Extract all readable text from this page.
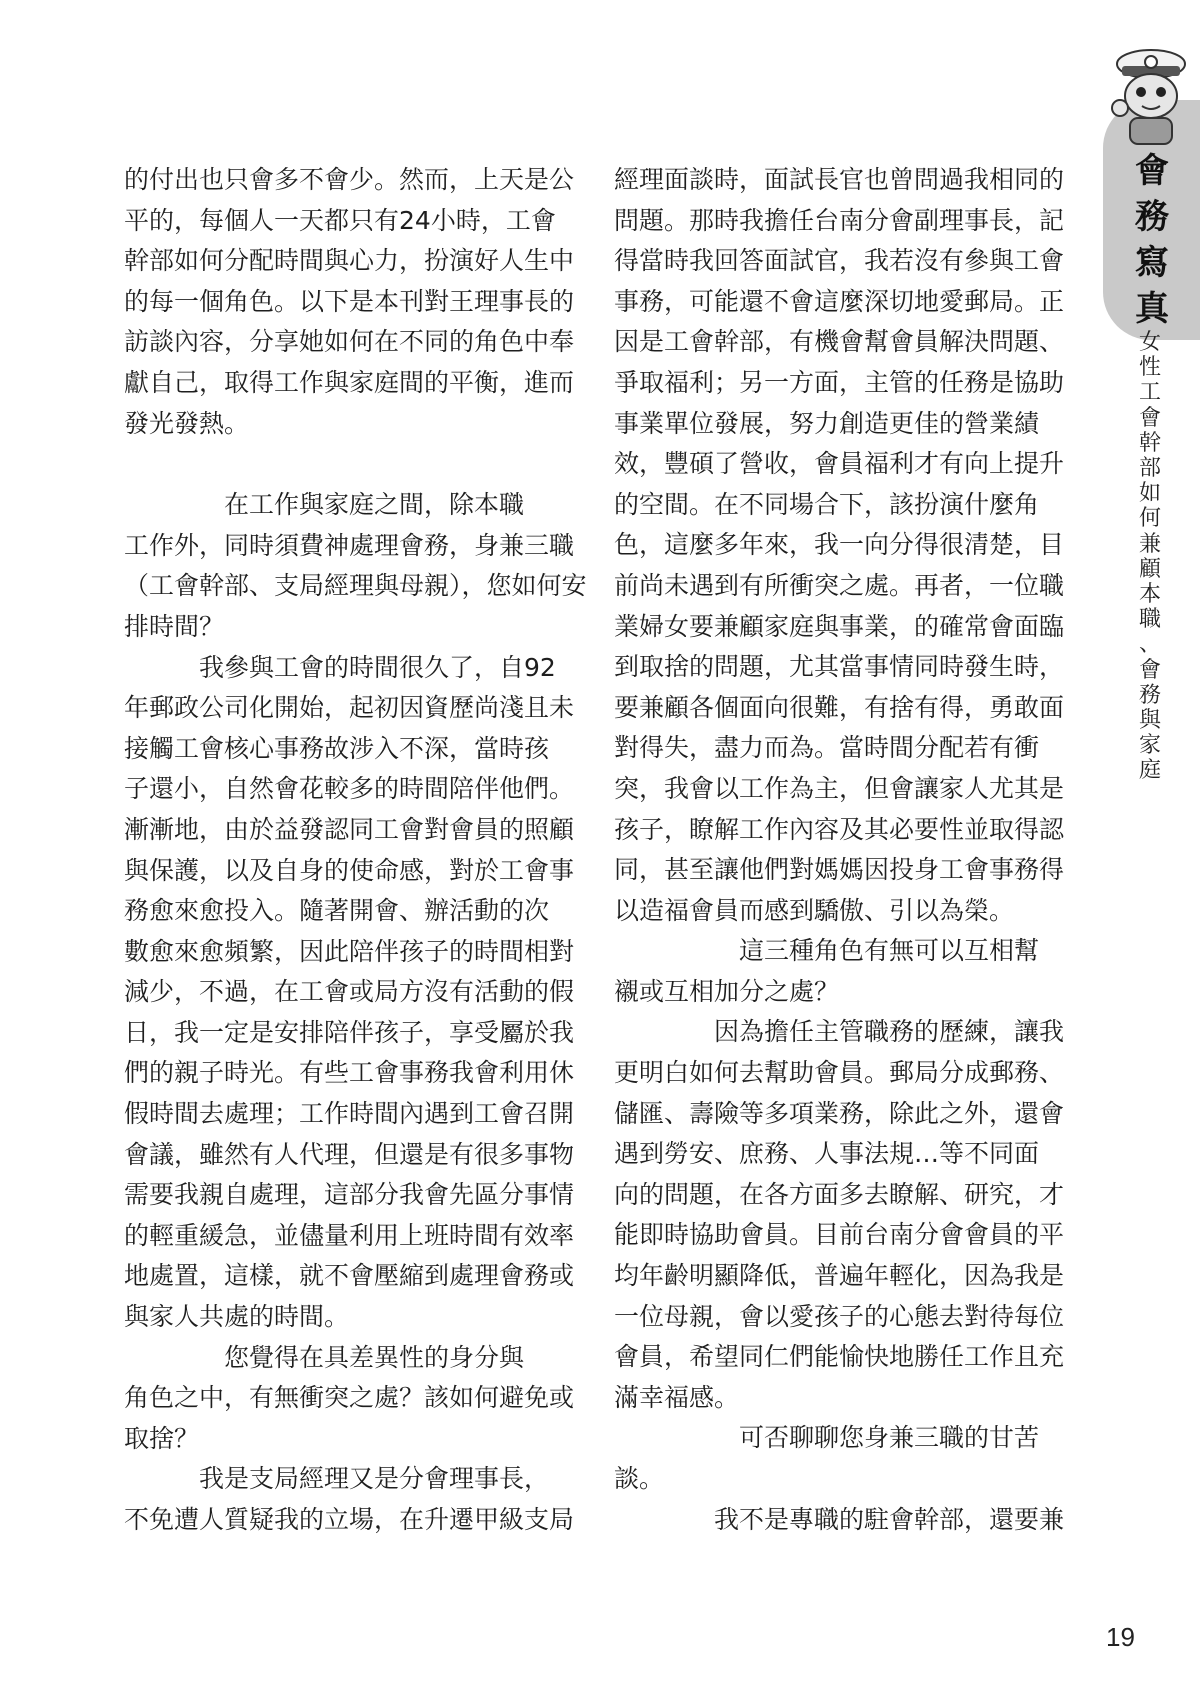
會
務
寫
真
女
性
工
會
幹
部
如
何
兼
顧
本
職
、
會
務
與
家
庭

的付出也只會多不會少。然而，上天是公

平的，每個人一天都只有24小時，工會

幹部如何分配時間與心力，扮演好人生中

的每一個角色。以下是本刊對王理事長的

訪談內容，分享她如何在不同的角色中奉

獻自己，取得工作與家庭間的平衡，進而

發光發熱。

　　　　在工作與家庭之間，除本職

工作外，同時須費神處理會務，身兼三職

（工會幹部、支局經理與母親），您如何安

排時間？

　　　我參與工會的時間很久了，自92

年郵政公司化開始，起初因資歷尚淺且未

接觸工會核心事務故涉入不深，當時孩

子還小，自然會花較多的時間陪伴他們。

漸漸地，由於益發認同工會對會員的照顧

與保護，以及自身的使命感，對於工會事

務愈來愈投入。隨著開會、辦活動的次

數愈來愈頻繁，因此陪伴孩子的時間相對

減少，不過，在工會或局方沒有活動的假

日，我一定是安排陪伴孩子，享受屬於我

們的親子時光。有些工會事務我會利用休

假時間去處理；工作時間內遇到工會召開

會議，雖然有人代理，但還是有很多事物

需要我親自處理，這部分我會先區分事情

的輕重緩急，並儘量利用上班時間有效率

地處置，這樣，就不會壓縮到處理會務或

與家人共處的時間。

　　　　您覺得在具差異性的身分與

角色之中，有無衝突之處？該如何避免或

取捨？

　　　我是支局經理又是分會理事長，

不免遭人質疑我的立場，在升遷甲級支局

經理面談時，面試長官也曾問過我相同的

問題。那時我擔任台南分會副理事長，記

得當時我回答面試官，我若沒有參與工會

事務，可能還不會這麼深切地愛郵局。正

因是工會幹部，有機會幫會員解決問題、

爭取福利；另一方面，主管的任務是協助

事業單位發展，努力創造更佳的營業績

效，豐碩了營收，會員福利才有向上提升

的空間。在不同場合下，該扮演什麼角

色，這麼多年來，我一向分得很清楚，目

前尚未遇到有所衝突之處。再者，一位職

業婦女要兼顧家庭與事業，的確常會面臨

到取捨的問題，尤其當事情同時發生時，

要兼顧各個面向很難，有捨有得，勇敢面

對得失，盡力而為。當時間分配若有衝

突，我會以工作為主，但會讓家人尤其是

孩子，瞭解工作內容及其必要性並取得認

同，甚至讓他們對媽媽因投身工會事務得

以造福會員而感到驕傲、引以為榮。

　　　　　這三種角色有無可以互相幫

襯或互相加分之處？

　　　　因為擔任主管職務的歷練，讓我

更明白如何去幫助會員。郵局分成郵務、

儲匯、壽險等多項業務，除此之外，還會

遇到勞安、庶務、人事法規…等不同面

向的問題，在各方面多去瞭解、研究，才

能即時協助會員。目前台南分會會員的平

均年齡明顯降低，普遍年輕化，因為我是

一位母親，會以愛孩子的心態去對待每位

會員，希望同仁們能愉快地勝任工作且充

滿幸福感。

　　　　　可否聊聊您身兼三職的甘苦

談。

　　　　我不是專職的駐會幹部，還要兼

19
